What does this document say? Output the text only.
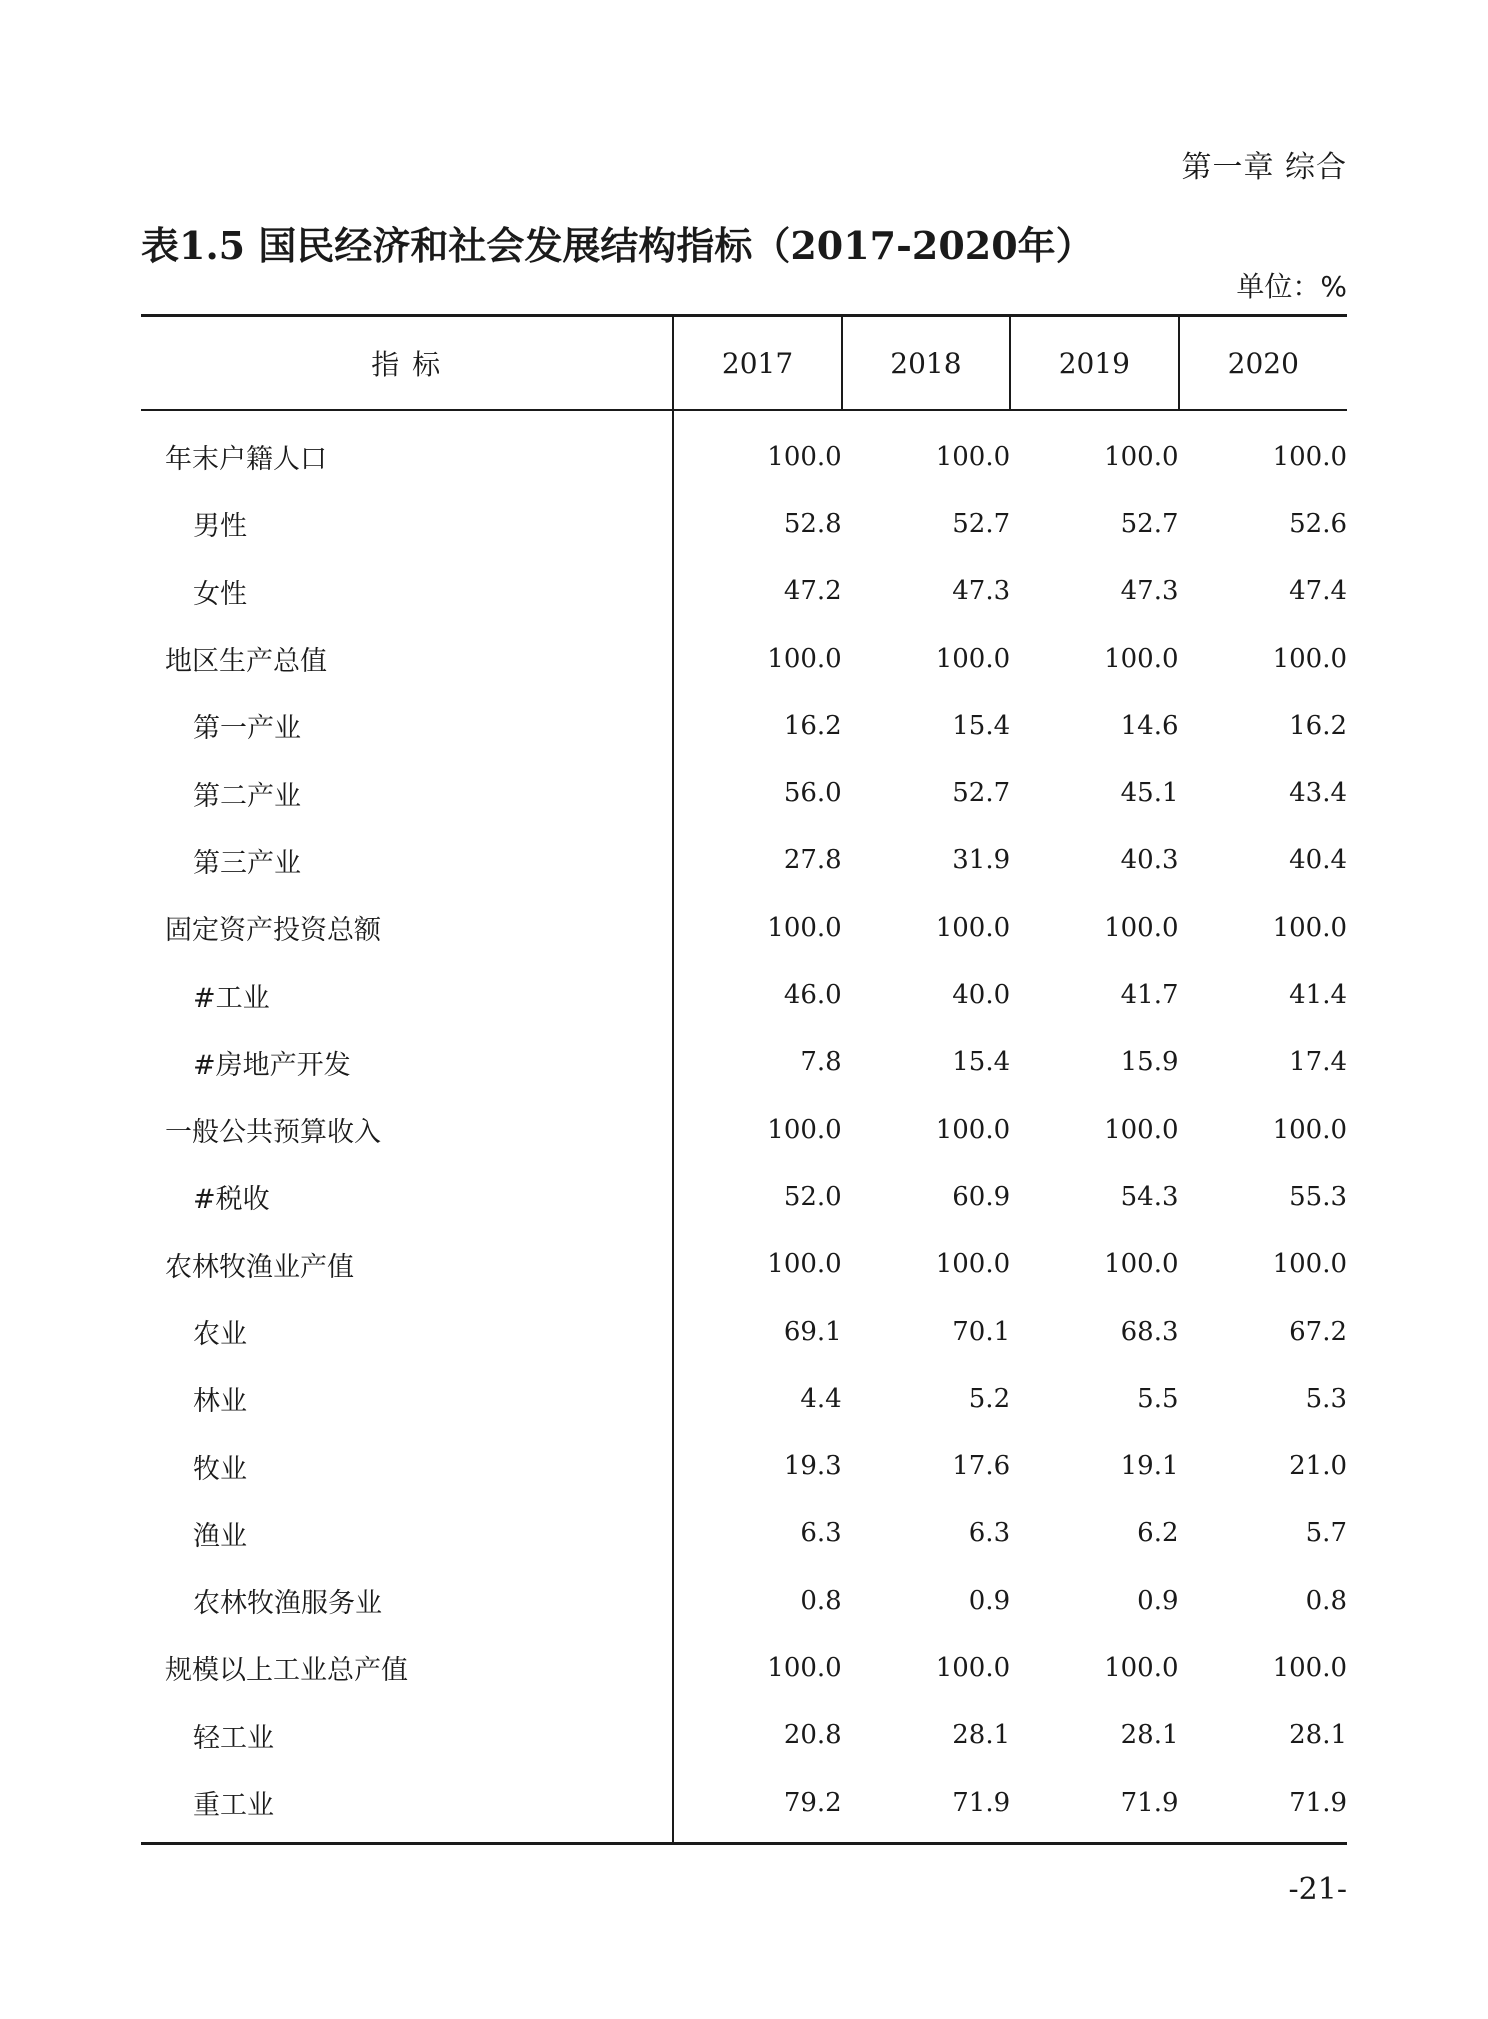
第一章 综合
表1.5 国民经济和社会发展结构指标（2017-2020年）
单位：%
指 标	2017	2018	2019	2020
年末户籍人口	100.0	100.0	100.0	100.0
男性	52.8	52.7	52.7	52.6
女性	47.2	47.3	47.3	47.4
地区生产总值	100.0	100.0	100.0	100.0
第一产业	16.2	15.4	14.6	16.2
第二产业	56.0	52.7	45.1	43.4
第三产业	27.8	31.9	40.3	40.4
固定资产投资总额	100.0	100.0	100.0	100.0
#工业	46.0	40.0	41.7	41.4
#房地产开发	7.8	15.4	15.9	17.4
一般公共预算收入	100.0	100.0	100.0	100.0
#税收	52.0	60.9	54.3	55.3
农林牧渔业产值	100.0	100.0	100.0	100.0
农业	69.1	70.1	68.3	67.2
林业	4.4	5.2	5.5	5.3
牧业	19.3	17.6	19.1	21.0
渔业	6.3	6.3	6.2	5.7
农林牧渔服务业	0.8	0.9	0.9	0.8
规模以上工业总产值	100.0	100.0	100.0	100.0
轻工业	20.8	28.1	28.1	28.1
重工业	79.2	71.9	71.9	71.9
-21-
